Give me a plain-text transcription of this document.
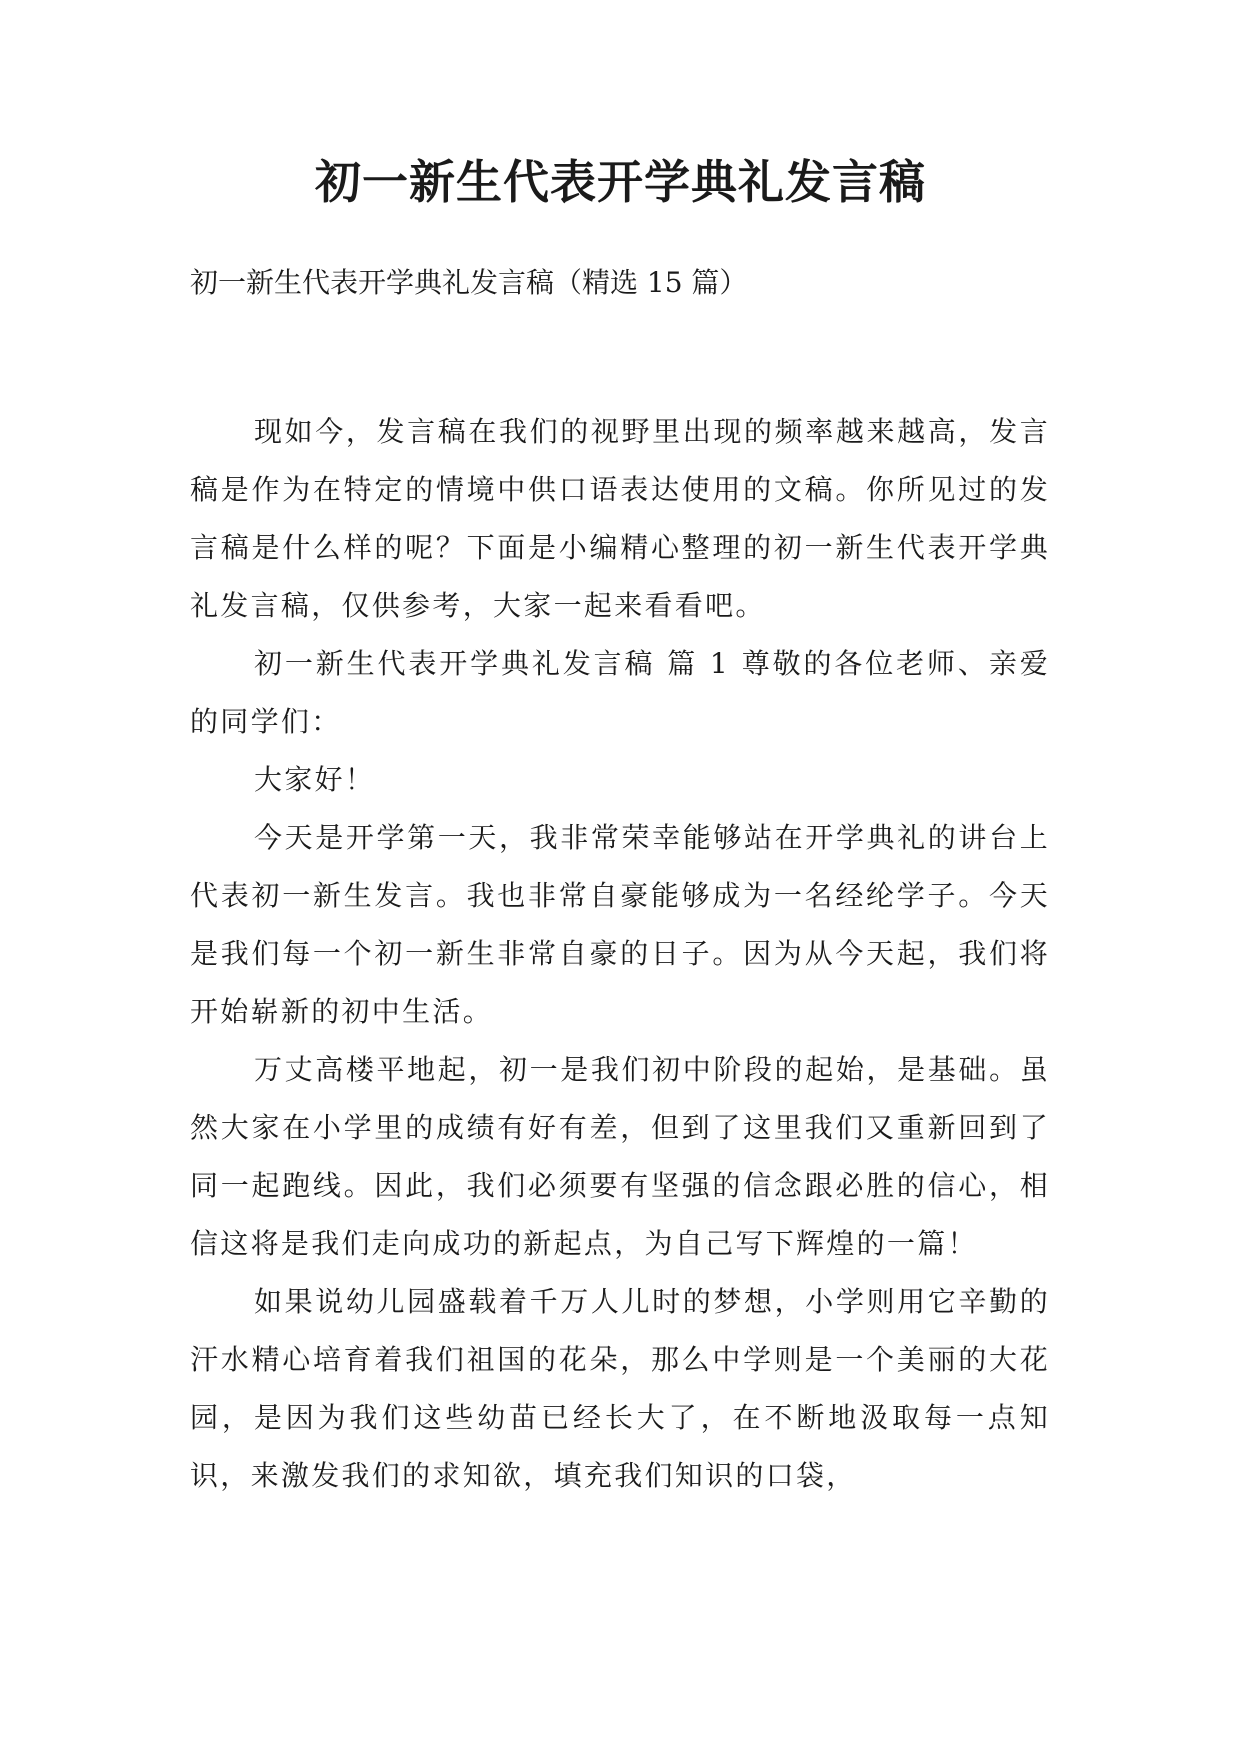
初一新生代表开学典礼发言稿

初一新生代表开学典礼发言稿（精选 15 篇）

现如今，发言稿在我们的视野里出现的频率越来越高，发言稿是作为在特定的情境中供口语表达使用的文稿。你所见过的发言稿是什么样的呢？下面是小编精心整理的初一新生代表开学典礼发言稿，仅供参考，大家一起来看看吧。

初一新生代表开学典礼发言稿 篇 1 尊敬的各位老师、亲爱的同学们：

大家好！

今天是开学第一天，我非常荣幸能够站在开学典礼的讲台上代表初一新生发言。我也非常自豪能够成为一名经纶学子。今天是我们每一个初一新生非常自豪的日子。因为从今天起，我们将开始崭新的初中生活。

万丈高楼平地起，初一是我们初中阶段的起始，是基础。虽然大家在小学里的成绩有好有差，但到了这里我们又重新回到了同一起跑线。因此，我们必须要有坚强的信念跟必胜的信心，相信这将是我们走向成功的新起点，为自己写下辉煌的一篇！

如果说幼儿园盛载着千万人儿时的梦想，小学则用它辛勤的汗水精心培育着我们祖国的花朵，那么中学则是一个美丽的大花园，是因为我们这些幼苗已经长大了，在不断地汲取每一点知识，来激发我们的求知欲，填充我们知识的口袋，
